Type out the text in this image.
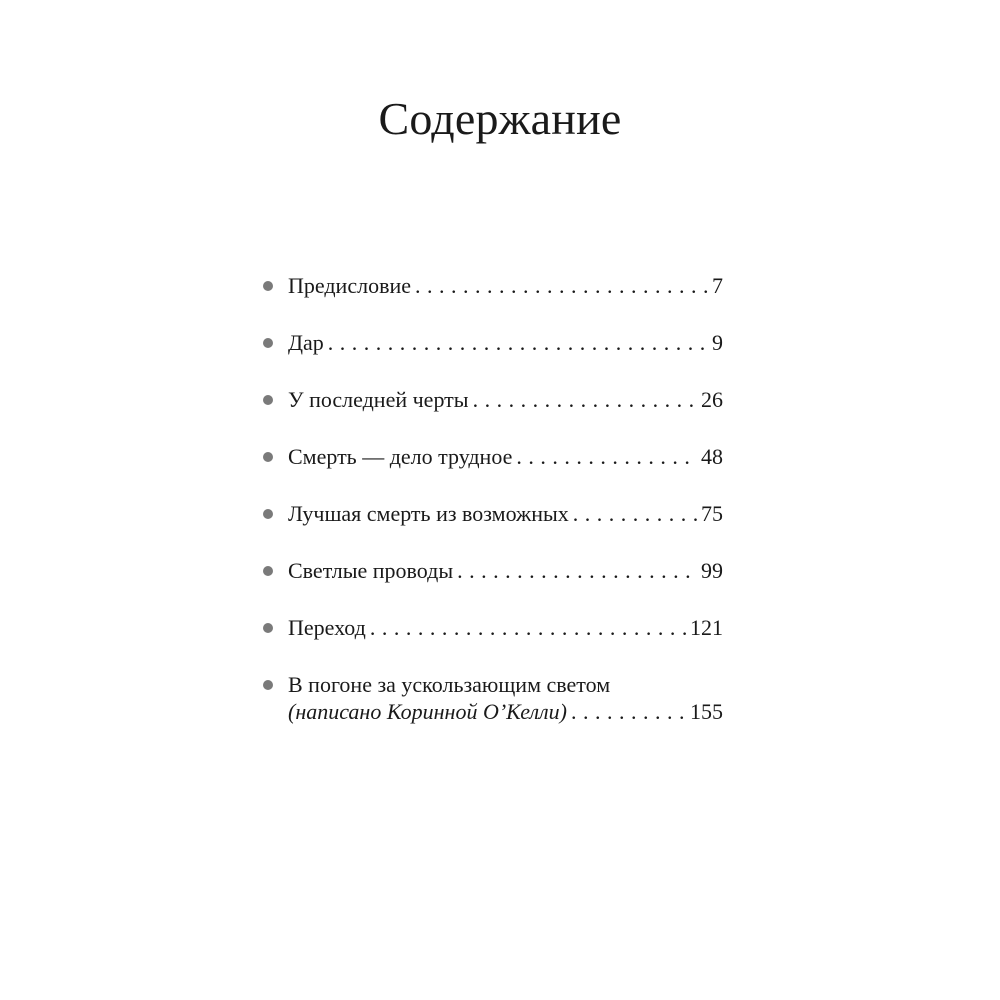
Содержание
Предисловие . . .	7
Дар . . .	9
У последней черты . . .	26
Смерть — дело трудное . . .	48
Лучшая смерть из возможных . . .	75
Светлые проводы . . .	99
Переход . . .	121
В погоне за ускользающим светом
(написано Коринной О’Келли) . . .	155
